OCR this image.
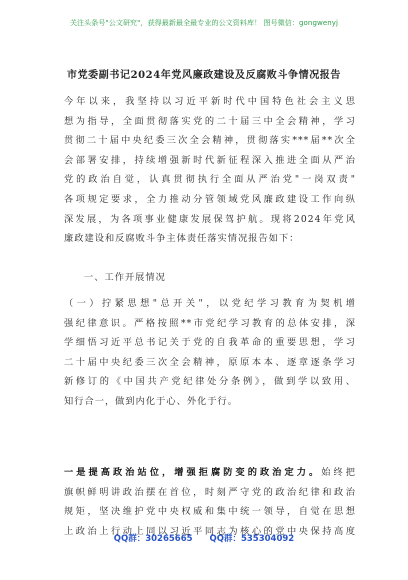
关注头条号"公文研究"，获得最新最全最专业的公文资料库！ 图号微信：gongwenyj
市党委副书记2024年党风廉政建设及反腐败斗争情况报告
今年以来，我坚持以习近平新时代中国特色社会主义思
想为指导，全面贯彻落实党的二十届三中全会精神，学习
贯彻二十届中央纪委三次全会精神，贯彻落实***届**次全
会部署安排，持续增强新时代新征程深入推进全面从严治
党的政治自觉，认真贯彻执行全面从严治党"一岗双责"
各项规定要求，全力推动分管领域党风廉政建设工作向纵
深发展，为各项事业健康发展保驾护航。现将2024年党风
廉政建设和反腐败斗争主体责任落实情况报告如下：
一、工作开展情况
（一）拧紧思想"总开关"，以党纪学习教育为契机增
强纪律意识。严格按照**市党纪学习教育的总体安排，深
学细悟习近平总书记关于党的自我革命的重要思想，学习
二十届中央纪委三次全会精神，原原本本、逐章逐条学习
新修订的《中国共产党纪律处分条例》，做到学以致用、
知行合一，做到内化于心、外化于行。
一是提高政治站位，增强拒腐防变的政治定力。始终把
旗帜鲜明讲政治摆在首位，时刻严守党的政治纪律和政治
规矩，坚决维护党中央权威和集中统一领导，自觉在思想
上政治上行动上同以习近平同志为核心的党中央保持高度
QQ群：30265665 QQ群：535304092
